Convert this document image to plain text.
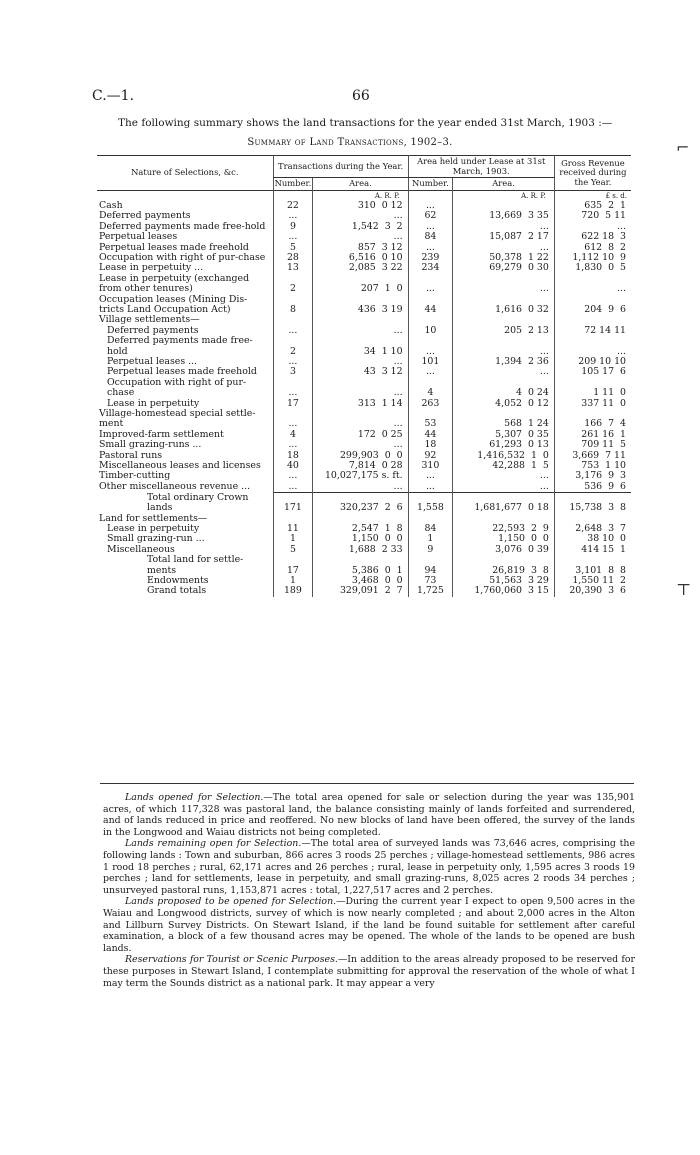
C.—1.	66
The following summary shows the land transactions for the year ended 31st March, 1903 :—
Summary of Land Transactions, 1902–3.
Nature of Selections, &c.	Transactions during the Year.		Area held under Lease at 31st March, 1903.		Gross Revenue received during the Year.
	Number.	Area.	Number.	Area.	
		A. R. P.		A. R. P.	£ s. d.
Cash	22	310  0 12	...		635  2  1
Deferred payments	...	...	62	13,669  3 35	720  5 11
Deferred payments made free-hold	9	1,542  3  2	...	...	...
Perpetual leases	...	...	84	15,087  2 17	622 18  3
Perpetual leases made freehold	5	857  3 12	...	...	612  8  2
Occupation with right of pur-chase	28	6,516  0 10	239	50,378  1 22	1,112 10  9
Lease in perpetuity ...	13	2,085  3 22	234	69,279  0 30	1,830  0  5
Lease in perpetuity (exchanged from other tenures)	2	207  1  0	...	...	...
Occupation leases (Mining Dis-tricts Land Occupation Act)	8	436  3 19	44	1,616  0 32	204  9  6
Village settlements—					
Deferred payments	...	...	10	205  2 13	72 14 11
Deferred payments made free-hold	2	34  1 10	...	...	...
Perpetual leases ...	...	...	101	1,394  2 36	209 10 10
Perpetual leases made freehold	3	43  3 12	...	...	105 17  6
Occupation with right of pur-chase	...	...	4	4  0 24	1 11  0
Lease in perpetuity	17	313  1 14	263	4,052  0 12	337 11  0
Village-homestead special settle-ment	...	...	53	568  1 24	166  7  4
Improved-farm settlement	4	172  0 25	44	5,307  0 35	261 16  1
Small grazing-runs ...	...	...	18	61,293  0 13	709 11  5
Pastoral runs	18	299,903  0  0	92	1,416,532  1  0	3,669  7 11
Miscellaneous leases and licenses	40	7,814  0 28	310	42,288  1  5	753  1 10
Timber-cutting	...	10,027,175 s. ft.	...	...	3,176  9  3
Other miscellaneous revenue ...	...	...	...	...	536  9  6
Total ordinary Crown lands	171	320,237  2  6	1,558	1,681,677  0 18	15,738  3  8
Land for settlements—					
Lease in perpetuity	11	2,547  1  8	84	22,593  2  9	2,648  3  7
Small grazing-run ...	1	1,150  0  0	1	1,150  0  0	38 10  0
Miscellaneous	5	1,688  2 33	9	3,076  0 39	414 15  1
Total land for settle-ments	17	5,386  0  1	94	26,819  3  8	3,101  8  8
Endowments	1	3,468  0  0	73	51,563  3 29	1,550 11  2
Grand totals	189	329,091  2  7	1,725	1,760,060  3 15	20,390  3  6

Lands opened for Selection.—The total area opened for sale or selection during the year was 135,901 acres, of which 117,328 was pastoral land, the balance consisting mainly of lands forfeited and surrendered, and of lands reduced in price and reoffered. No new blocks of land have been offered, the survey of the lands in the Longwood and Waiau districts not being completed.

Lands remaining open for Selection.—The total area of surveyed lands was 73,646 acres, comprising the following lands : Town and suburban, 866 acres 3 roods 25 perches ; village-homestead settlements, 986 acres 1 rood 18 perches ; rural, 62,171 acres and 26 perches ; rural, lease in perpetuity only, 1,595 acres 3 roods 19 perches ; land for settlements, lease in perpetuity, and small grazing-runs, 8,025 acres 2 roods 34 perches ; unsurveyed pastoral runs, 1,153,871 acres : total, 1,227,517 acres and 2 perches.

Lands proposed to be opened for Selection.—During the current year I expect to open 9,500 acres in the Waiau and Longwood districts, survey of which is now nearly completed ; and about 2,000 acres in the Alton and Lillburn Survey Districts. On Stewart Island, if the land be found suitable for settlement after careful examination, a block of a few thousand acres may be opened. The whole of the lands to be opened are bush lands.

Reservations for Tourist or Scenic Purposes.—In addition to the areas already proposed to be reserved for these purposes in Stewart Island, I contemplate submitting for approval the reservation of the whole of what I may term the Sounds district as a national park. It may appear a very

⌐
⊤
